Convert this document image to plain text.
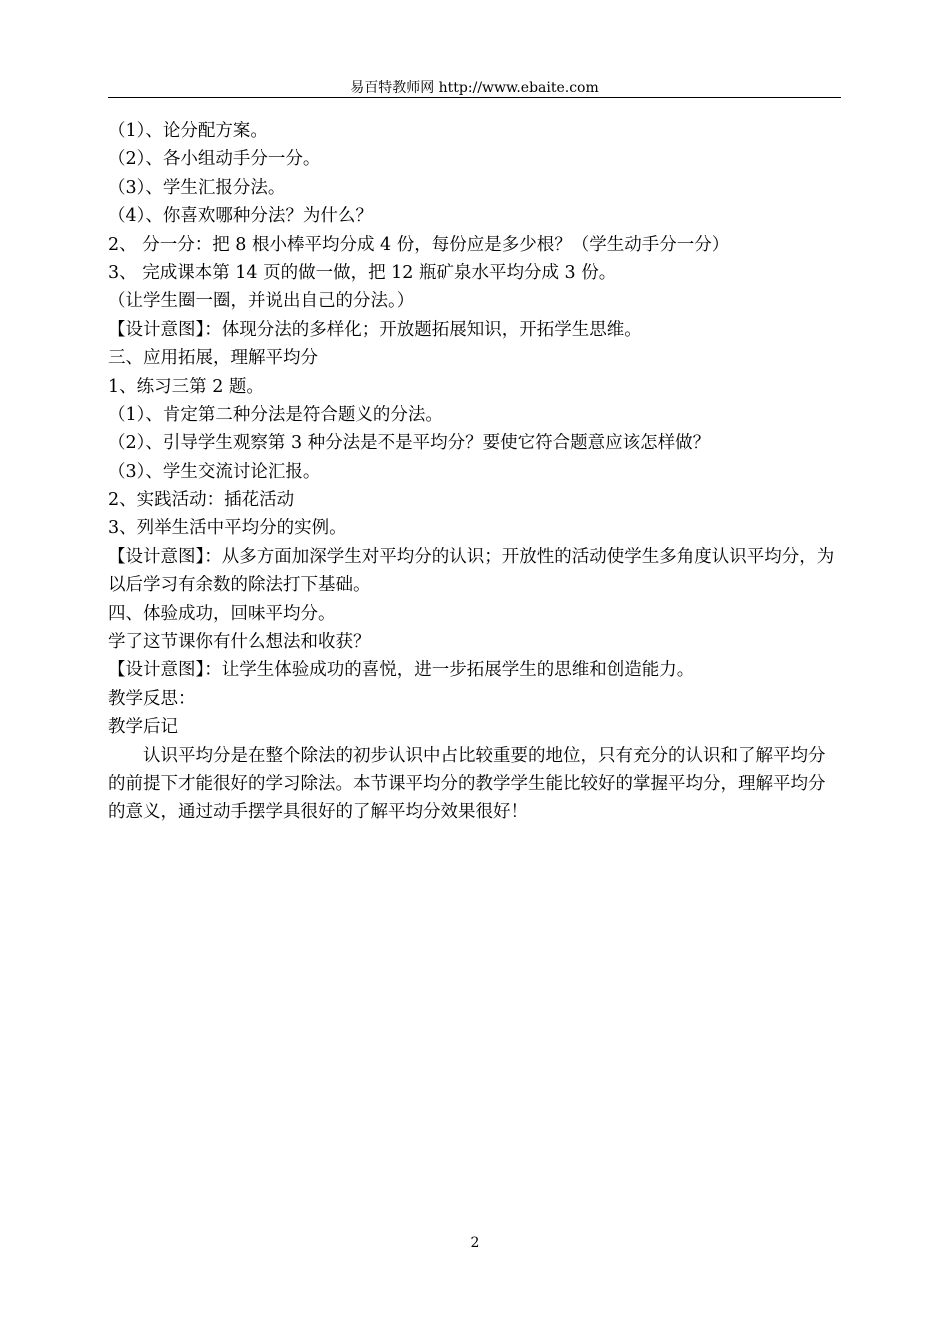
易百特教师网 http://www.ebaite.com
（1）、论分配方案。
（2）、各小组动手分一分。
（3）、学生汇报分法。
（4）、你喜欢哪种分法？为什么？
2、 分一分：把 8 根小棒平均分成 4 份，每份应是多少根？（学生动手分一分）
3、 完成课本第 14 页的做一做，把 12 瓶矿泉水平均分成 3 份。
（让学生圈一圈，并说出自己的分法。）
【设计意图】：体现分法的多样化；开放题拓展知识，开拓学生思维。
三、应用拓展，理解平均分
1、练习三第 2 题。
（1）、肯定第二种分法是符合题义的分法。
（2）、引导学生观察第 3 种分法是不是平均分？要使它符合题意应该怎样做？
（3）、学生交流讨论汇报。
2、实践活动：插花活动
3、列举生活中平均分的实例。
【设计意图】：从多方面加深学生对平均分的认识；开放性的活动使学生多角度认识平均分，为以后学习有余数的除法打下基础。
四、体验成功，回味平均分。
学了这节课你有什么想法和收获？
【设计意图】：让学生体验成功的喜悦，进一步拓展学生的思维和创造能力。
教学反思：
教学后记
认识平均分是在整个除法的初步认识中占比较重要的地位，只有充分的认识和了解平均分的前提下才能很好的学习除法。本节课平均分的教学学生能比较好的掌握平均分，理解平均分的意义，通过动手摆学具很好的了解平均分效果很好！
2
